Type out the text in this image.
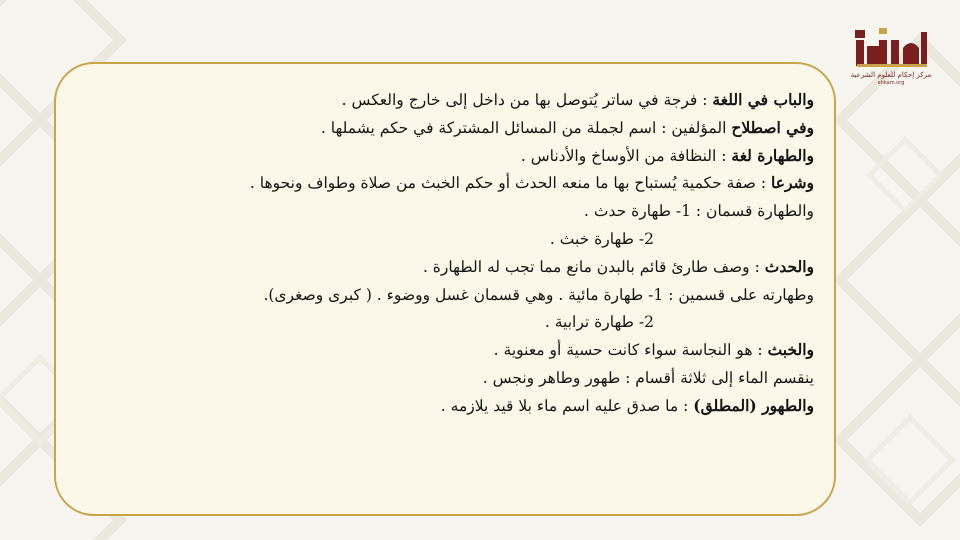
مركز إحكام للعلوم الشرعية
ehkam.org
والباب في اللغة : فرجة في ساتر يُتوصل بها من داخل إلى خارج والعكس .
وفي اصطلاح المؤلفين : اسم لجملة من المسائل المشتركة في حكم يشملها .
والطهارة لغة : النظافة من الأوساخ والأدناس .
وشرعا : صفة حكمية يُستباح بها ما منعه الحدث أو حكم الخبث من صلاة وطواف ونحوها .
والطهارة قسمان : 1- طهارة حدث .
2- طهارة خبث .
والحدث : وصف طارئ قائم بالبدن مانع مما تجب له الطهارة .
وطهارته على قسمين : 1- طهارة مائية . وهي قسمان غسل ووضوء . ( كبرى وصغرى).
2- طهارة ترابية .
والخبث : هو النجاسة سواء كانت حسية أو معنوية .
ينقسم الماء إلى ثلاثة أقسام : طهور وطاهر ونجس .
والطهور (المطلق) : ما صدق عليه اسم ماء بلا قيد يلازمه .
